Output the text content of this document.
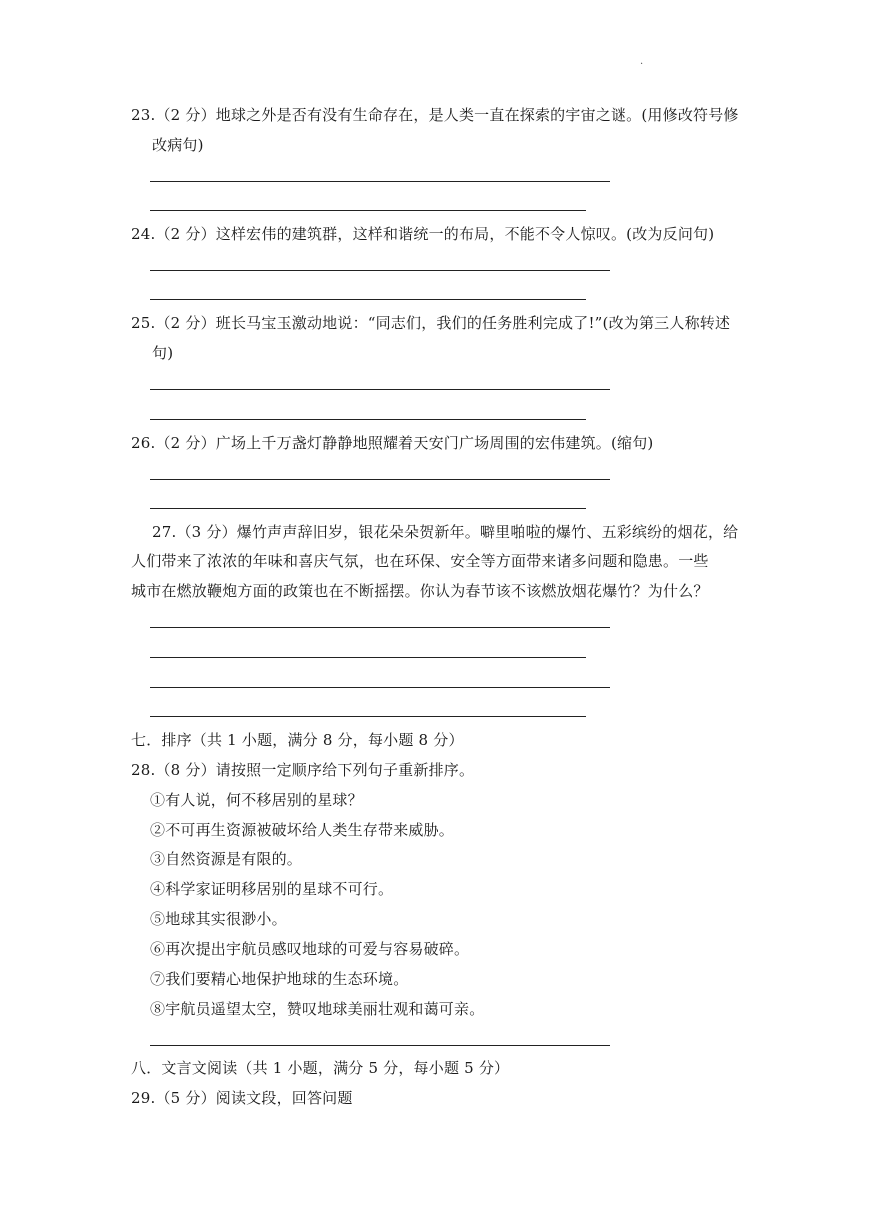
.
23.（2 分）地球之外是否有没有生命存在，是人类一直在探索的宇宙之谜。(用修改符号修
改病句)
24.（2 分）这样宏伟的建筑群，这样和谐统一的布局，不能不令人惊叹。(改为反问句)
25.（2 分）班长马宝玉激动地说：“同志们，我们的任务胜利完成了!”(改为第三人称转述
句)
26.（2 分）广场上千万盏灯静静地照耀着天安门广场周围的宏伟建筑。(缩句)
27.（3 分）爆竹声声辞旧岁，银花朵朵贺新年。噼里啪啦的爆竹、五彩缤纷的烟花，给
人们带来了浓浓的年味和喜庆气氛，也在环保、安全等方面带来诸多问题和隐患。一些
城市在燃放鞭炮方面的政策也在不断摇摆。你认为春节该不该燃放烟花爆竹？为什么？
七．排序（共 1 小题，满分 8 分，每小题 8 分）
28.（8 分）请按照一定顺序给下列句子重新排序。
①有人说，何不移居别的星球？
②不可再生资源被破坏给人类生存带来威胁。
③自然资源是有限的。
④科学家证明移居别的星球不可行。
⑤地球其实很渺小。
⑥再次提出宇航员感叹地球的可爱与容易破碎。
⑦我们要精心地保护地球的生态环境。
⑧宇航员遥望太空，赞叹地球美丽壮观和蔼可亲。
八．文言文阅读（共 1 小题，满分 5 分，每小题 5 分）
29.（5 分）阅读文段，回答问题
